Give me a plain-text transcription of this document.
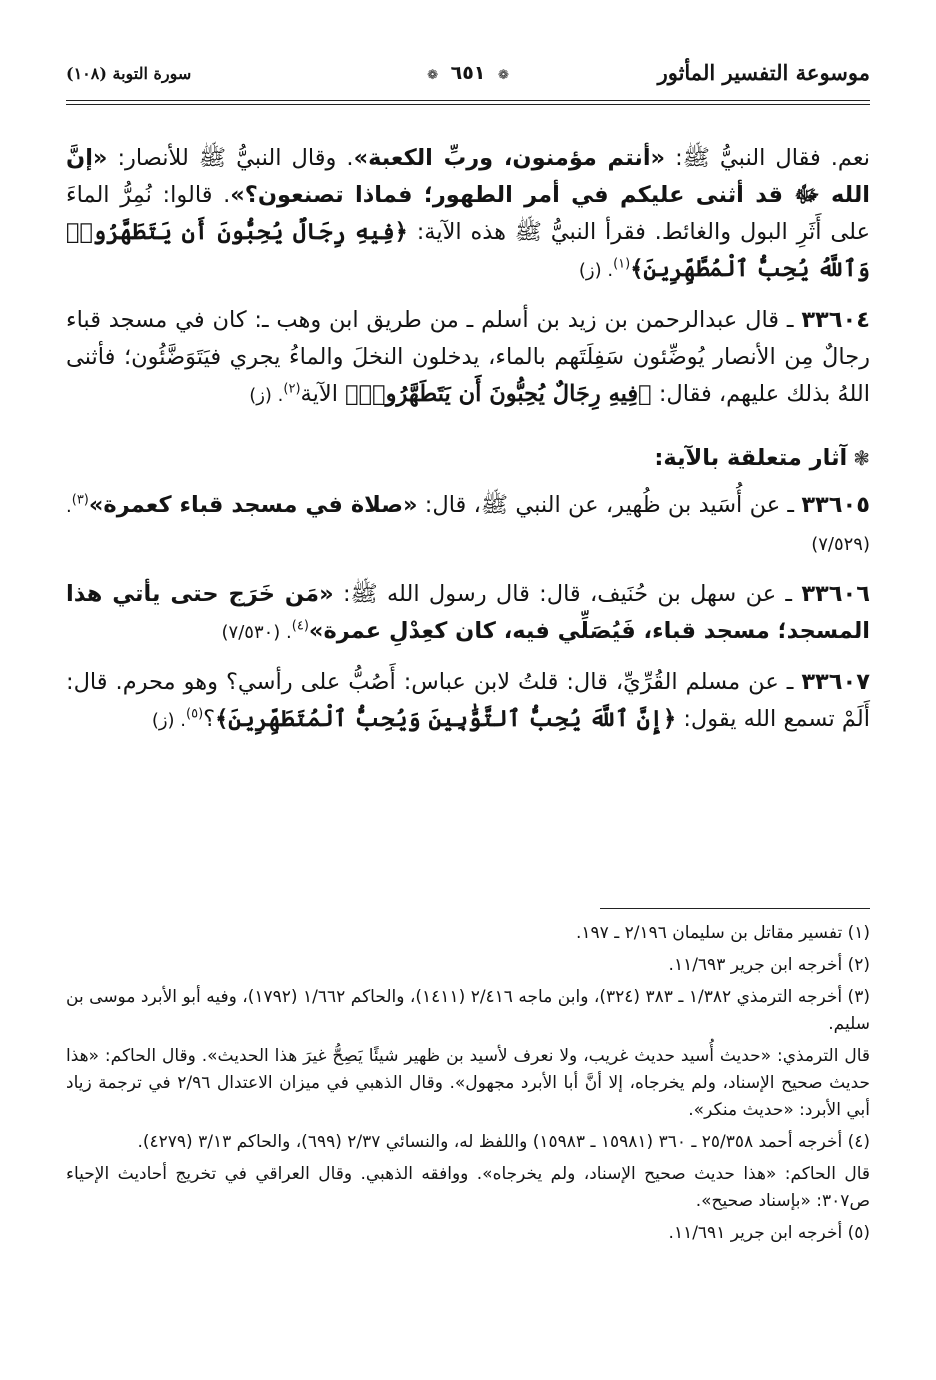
موسوعة التفسير المأثور
❁ ٦٥١ ❁
سورة التوبة (١٠٨)

نعم. فقال النبيُّ ﷺ: «أنتم مؤمنون، وربِّ الكعبة». وقال النبيُّ ﷺ للأنصار: «إنَّ الله ﷻ قد أثنى عليكم في أمر الطهور؛ فماذا تصنعون؟». قالوا: نُمِرُّ الماءَ على أَثَرِ البول والغائط. فقرأ النبيُّ ﷺ هذه الآية: ﴿فِيهِ رِجَالٌ يُحِبُّونَ أَن يَتَطَهَّرُوا۟ وَٱللَّهُ يُحِبُّ ٱلْمُطَّهِّرِينَ﴾$^{(١)}$. (ز)

٣٣٦٠٤ ـ قال عبدالرحمن بن زيد بن أسلم ـ من طريق ابن وهب ـ: كان في مسجد قباء رجالٌ مِن الأنصار يُوضِّئون سَفِلَتَهم بالماء، يدخلون النخلَ والماءُ يجري فيَتَوَضَّئُون؛ فأثنى اللهُ بذلك عليهم، فقال: ﴿فِيهِ رِجَالٌ يُحِبُّونَ أَن يَتَطَهَّرُوا۟﴾ الآية$^{(٢)}$. (ز)

❃آثار متعلقة بالآية:

٣٣٦٠٥ ـ عن أُسَيد بن ظُهير، عن النبي ﷺ، قال: «صلاة في مسجد قباء كعمرة»$^{(٣)}$. (٧/٥٢٩)

٣٣٦٠٦ ـ عن سهل بن حُنَيف، قال: قال رسول الله ﷺ: «مَن خَرَج حتى يأتي هذا المسجد؛ مسجد قباء، فَيُصَلِّي فيه، كان كعِدْلِ عمرة»$^{(٤)}$. (٧/٥٣٠)

٣٣٦٠٧ ـ عن مسلم القُرِّيِّ، قال: قلتُ لابن عباس: أَصُبُّ على رأسي؟ وهو محرم. قال: أَلَمْ تسمع الله يقول: ﴿إِنَّ ٱللَّهَ يُحِبُّ ٱلتَّوَّٰبِينَ وَيُحِبُّ ٱلْمُتَطَهِّرِينَ﴾؟$^{(٥)}$. (ز)

(١) تفسير مقاتل بن سليمان ٢/١٩٦ ـ ١٩٧.

(٢) أخرجه ابن جرير ١١/٦٩٣.

(٣) أخرجه الترمذي ١/٣٨٢ ـ ٣٨٣ (٣٢٤)، وابن ماجه ٢/٤١٦ (١٤١١)، والحاكم ١/٦٦٢ (١٧٩٢)، وفيه أبو الأبرد موسى بن سليم.

قال الترمذي: «حديث أُسيد حديث غريب، ولا نعرف لأسيد بن ظهير شيئًا يَصِحُّ غيرَ هذا الحديث». وقال الحاكم: «هذا حديث صحيح الإسناد، ولم يخرجاه، إلا أنَّ أبا الأبرد مجهول». وقال الذهبي في ميزان الاعتدال ٢/٩٦ في ترجمة زياد أبي الأبرد: «حديث منكر».

(٤) أخرجه أحمد ٢٥/٣٥٨ ـ ٣٦٠ (١٥٩٨١ ـ ١٥٩٨٣) واللفظ له، والنسائي ٢/٣٧ (٦٩٩)، والحاكم ٣/١٣ (٤٢٧٩).

قال الحاكم: «هذا حديث صحيح الإسناد، ولم يخرجاه». ووافقه الذهبي. وقال العراقي في تخريج أحاديث الإحياء ص٣٠٧: «بإسناد صحيح».

(٥) أخرجه ابن جرير ١١/٦٩١.
